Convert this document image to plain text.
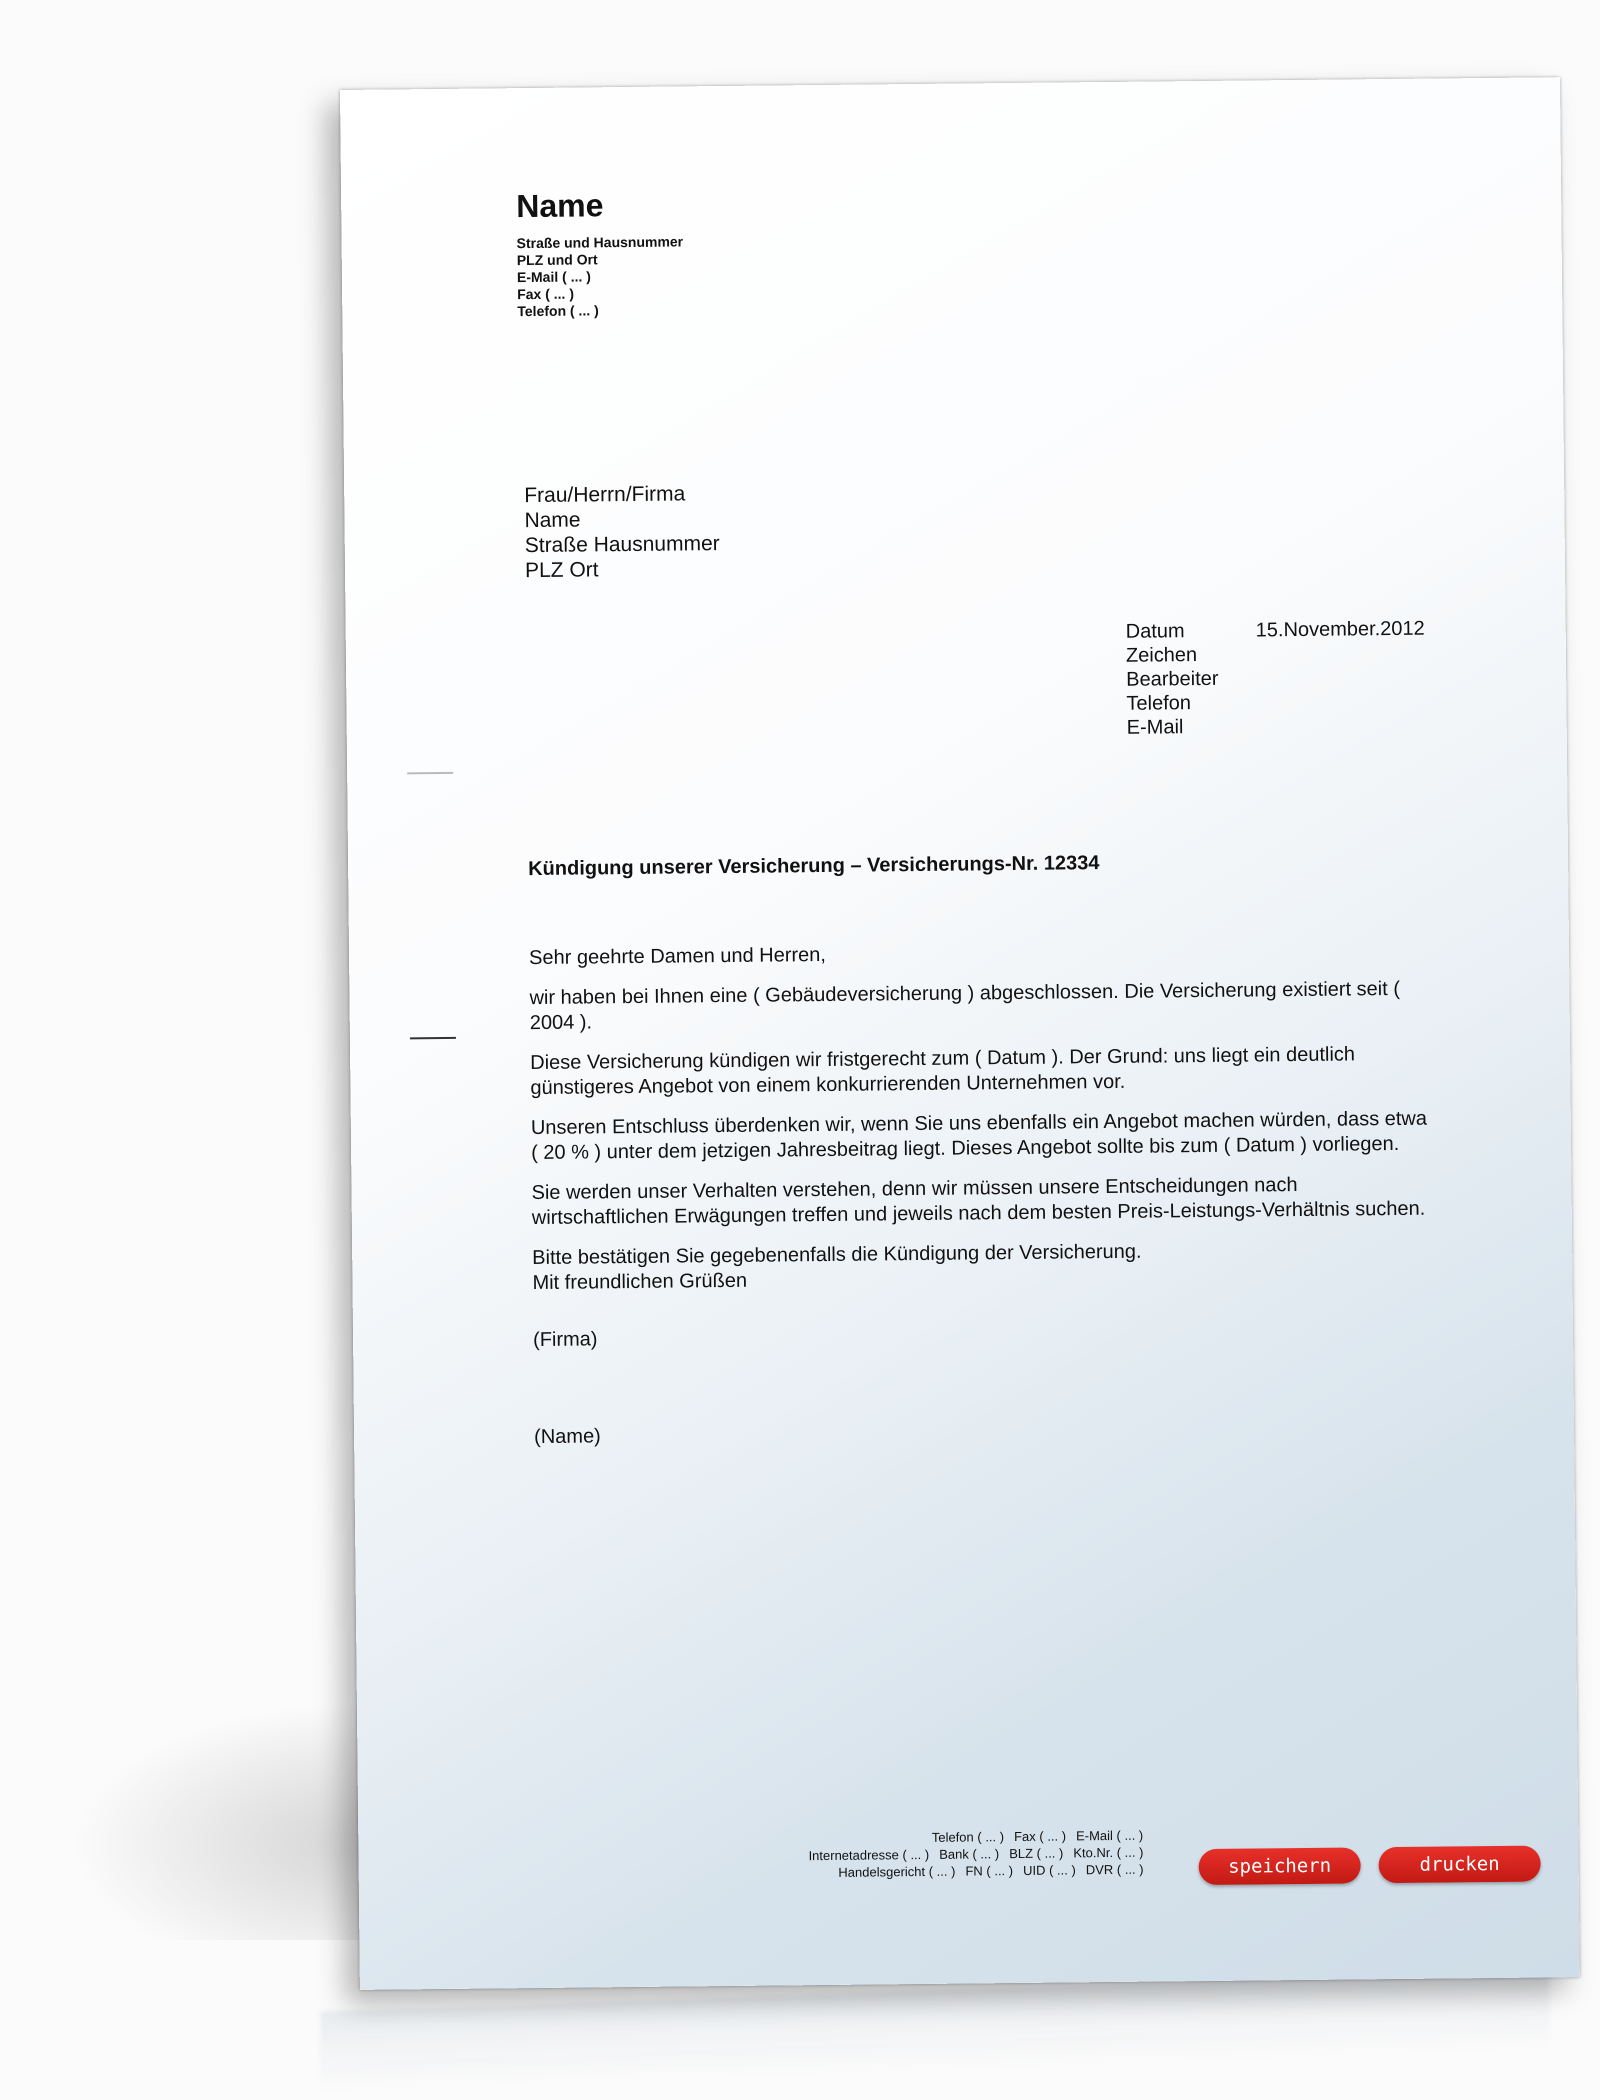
Name
Straße und Hausnummer
PLZ und Ort
E-Mail ( ... )
Fax ( ... )
Telefon ( ... )
Frau/Herrn/Firma
Name
Straße Hausnummer
PLZ Ort
Datum	15.November.2012
Zeichen
Bearbeiter
Telefon
E-Mail
Kündigung unserer Versicherung – Versicherungs-Nr. 12334

Sehr geehrte Damen und Herren,

wir haben bei Ihnen eine ( Gebäudeversicherung ) abgeschlossen. Die Versicherung existiert seit ( 2004 ).

Diese Versicherung kündigen wir fristgerecht zum ( Datum ). Der Grund: uns liegt ein deutlich günstigeres Angebot von einem konkurrierenden Unternehmen vor.

Unseren Entschluss überdenken wir, wenn Sie uns ebenfalls ein Angebot machen würden, dass etwa ( 20 % ) unter dem jetzigen Jahresbeitrag liegt. Dieses Angebot sollte bis zum ( Datum ) vorliegen.

Sie werden unser Verhalten verstehen, denn wir müssen unsere Entscheidungen nach wirtschaftlichen Erwägungen treffen und jeweils nach dem besten Preis-Leistungs-Verhältnis suchen.

Bitte bestätigen Sie gegebenenfalls die Kündigung der Versicherung.
Mit freundlichen Grüßen
(Firma)
(Name)
Telefon ( ... ) Fax ( ... ) E-Mail ( ... )
Internetadresse ( ... ) Bank ( ... ) BLZ ( ... ) Kto.Nr. ( ... )
Handelsgericht ( ... ) FN ( ... ) UID ( ... ) DVR ( ... )	speichern	drucken
